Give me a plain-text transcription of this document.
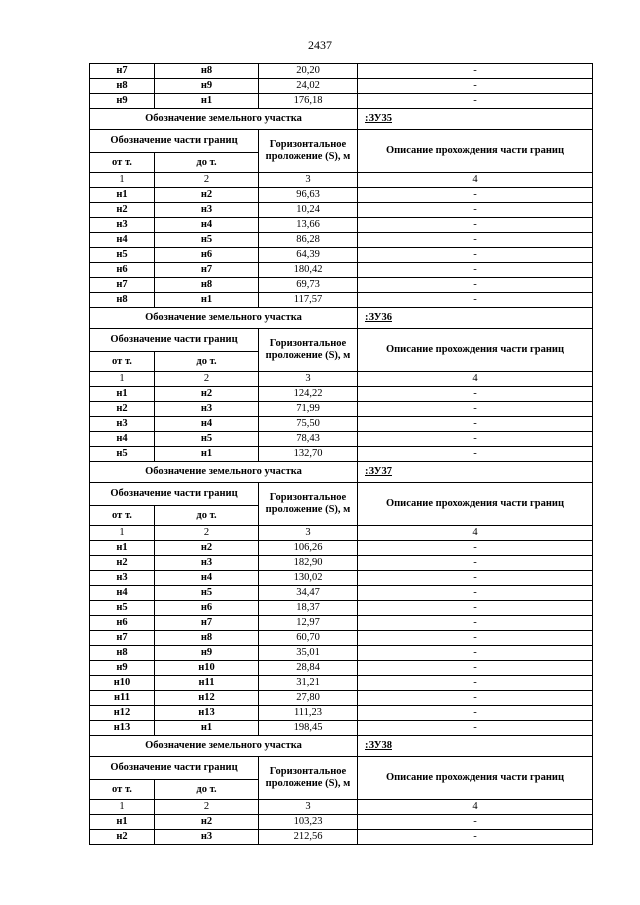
2437
н7	н8	20,20	-
н8	н9	24,02	-
н9	н1	176,18	-
Обозначение земельного участка			:ЗУ35
Обозначение части границ		Горизонтальное проложение (S), м	Описание прохождения части границ
от т.	до т.		
1	2	3	4
н1	н2	96,63	-
н2	н3	10,24	-
н3	н4	13,66	-
н4	н5	86,28	-
н5	н6	64,39	-
н6	н7	180,42	-
н7	н8	69,73	-
н8	н1	117,57	-
Обозначение земельного участка			:ЗУ36
Обозначение части границ		Горизонтальное проложение (S), м	Описание прохождения части границ
от т.	до т.		
1	2	3	4
н1	н2	124,22	-
н2	н3	71,99	-
н3	н4	75,50	-
н4	н5	78,43	-
н5	н1	132,70	-
Обозначение земельного участка			:ЗУ37
Обозначение части границ		Горизонтальное проложение (S), м	Описание прохождения части границ
от т.	до т.		
1	2	3	4
н1	н2	106,26	-
н2	н3	182,90	-
н3	н4	130,02	-
н4	н5	34,47	-
н5	н6	18,37	-
н6	н7	12,97	-
н7	н8	60,70	-
н8	н9	35,01	-
н9	н10	28,84	-
н10	н11	31,21	-
н11	н12	27,80	-
н12	н13	111,23	-
н13	н1	198,45	-
Обозначение земельного участка			:ЗУ38
Обозначение части границ		Горизонтальное проложение (S), м	Описание прохождения части границ
от т.	до т.		
1	2	3	4
н1	н2	103,23	-
н2	н3	212,56	-
